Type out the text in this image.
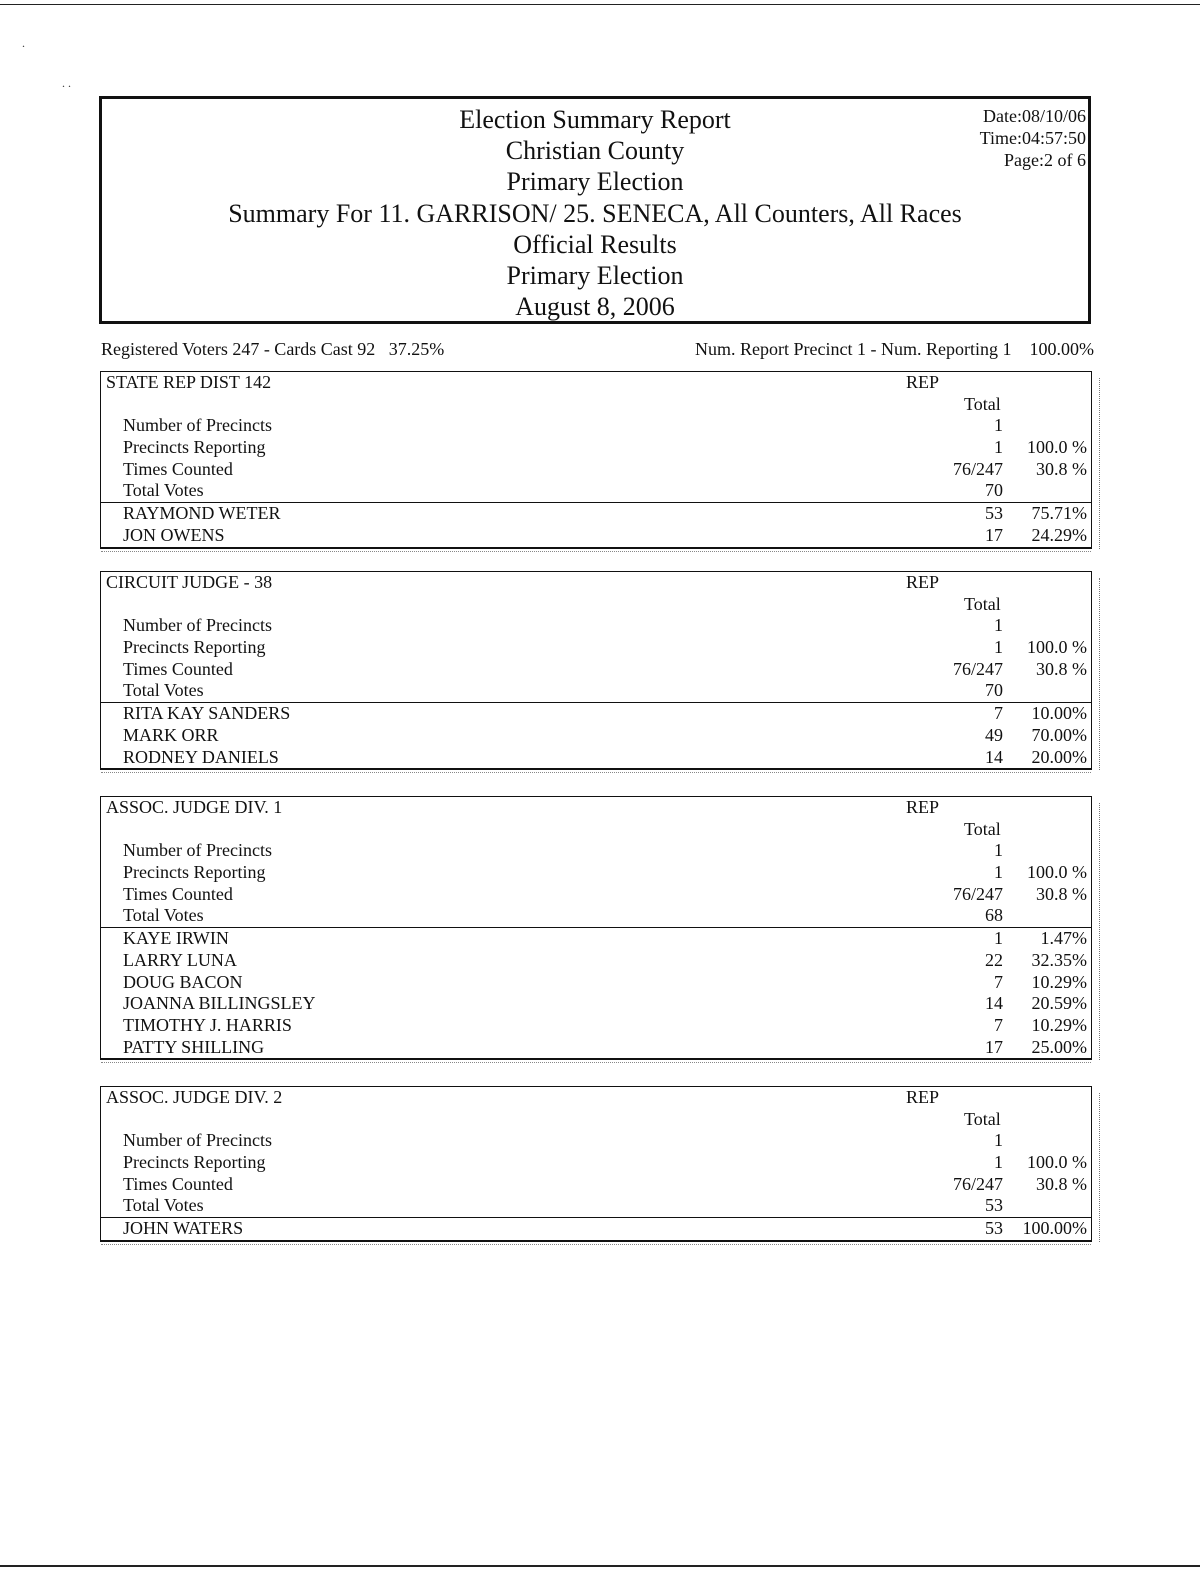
.
. .
Election Summary Report
Christian County
Primary Election
Summary For 11. GARRISON/ 25. SENECA, All Counters, All Races
Official Results
Primary Election
August 8, 2006
Date:08/10/06
Time:04:57:50
Page:2 of 6
Registered Voters 247 - Cards Cast 92   37.25%	Num. Report Precinct 1 - Num. Reporting 1    100.00%
STATE REP DIST 142	REP
Total
Number of Precincts	1
Precincts Reporting	1 100.0 %
Times Counted	76/247 30.8 %
Total Votes	70
RAYMOND WETER	53 75.71%
JON OWENS	17 24.29%
CIRCUIT JUDGE - 38	REP
Total
Number of Precincts	1
Precincts Reporting	1 100.0 %
Times Counted	76/247 30.8 %
Total Votes	70
RITA KAY SANDERS	7 10.00%
MARK ORR	49 70.00%
RODNEY DANIELS	14 20.00%
ASSOC. JUDGE DIV. 1	REP
Total
Number of Precincts	1
Precincts Reporting	1 100.0 %
Times Counted	76/247 30.8 %
Total Votes	68
KAYE IRWIN	1 1.47%
LARRY LUNA	22 32.35%
DOUG BACON	7 10.29%
JOANNA BILLINGSLEY	14 20.59%
TIMOTHY J. HARRIS	7 10.29%
PATTY SHILLING	17 25.00%
ASSOC. JUDGE DIV. 2	REP
Total
Number of Precincts	1
Precincts Reporting	1 100.0 %
Times Counted	76/247 30.8 %
Total Votes	53
JOHN WATERS	53 100.00%
